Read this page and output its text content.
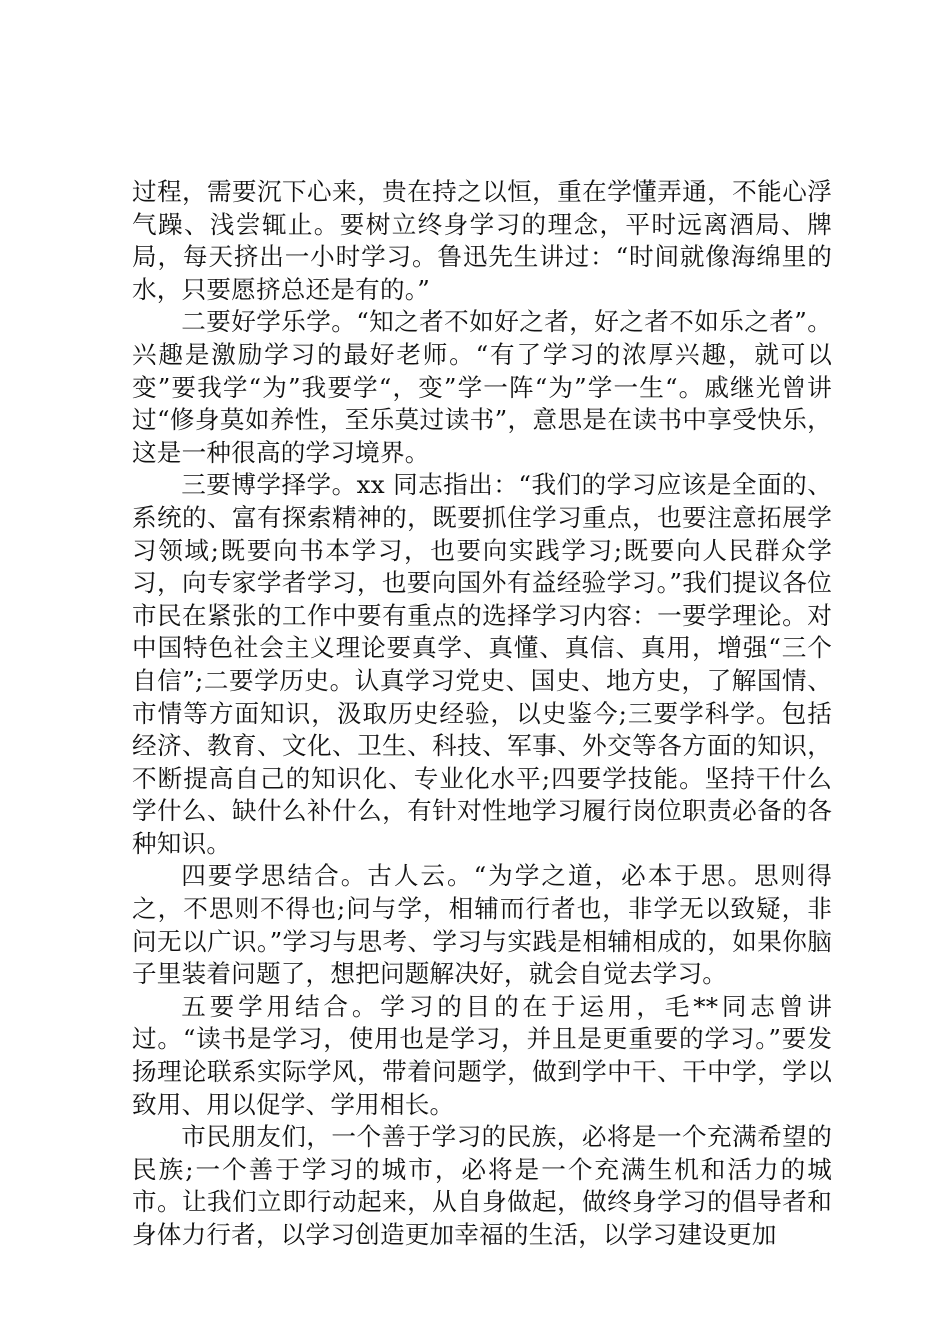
过程，需要沉下心来，贵在持之以恒，重在学懂弄通，不能心浮气躁、浅尝辄止。要树立终身学习的理念，平时远离酒局、牌局，每天挤出一小时学习。鲁迅先生讲过：“时间就像海绵里的水，只要愿挤总还是有的。”

二要好学乐学。“知之者不如好之者，好之者不如乐之者”。兴趣是激励学习的最好老师。“有了学习的浓厚兴趣，就可以变”要我学“为”我要学“，变”学一阵“为”学一生“。戚继光曾讲过“修身莫如养性，至乐莫过读书”，意思是在读书中享受快乐，这是一种很高的学习境界。

三要博学择学。xx 同志指出：“我们的学习应该是全面的、系统的、富有探索精神的，既要抓住学习重点，也要注意拓展学习领域;既要向书本学习，也要向实践学习;既要向人民群众学习，向专家学者学习，也要向国外有益经验学习。”我们提议各位市民在紧张的工作中要有重点的选择学习内容：一要学理论。对中国特色社会主义理论要真学、真懂、真信、真用，增强“三个自信”;二要学历史。认真学习党史、国史、地方史，了解国情、市情等方面知识，汲取历史经验，以史鉴今;三要学科学。包括经济、教育、文化、卫生、科技、军事、外交等各方面的知识，不断提高自己的知识化、专业化水平;四要学技能。坚持干什么学什么、缺什么补什么，有针对性地学习履行岗位职责必备的各种知识。

四要学思结合。古人云。“为学之道，必本于思。思则得之，不思则不得也;问与学，相辅而行者也，非学无以致疑，非问无以广识。”学习与思考、学习与实践是相辅相成的，如果你脑子里装着问题了，想把问题解决好，就会自觉去学习。

五要学用结合。学习的目的在于运用，毛**同志曾讲过。“读书是学习，使用也是学习，并且是更重要的学习。”要发扬理论联系实际学风，带着问题学，做到学中干、干中学，学以致用、用以促学、学用相长。

市民朋友们，一个善于学习的民族，必将是一个充满希望的民族;一个善于学习的城市，必将是一个充满生机和活力的城市。让我们立即行动起来，从自身做起，做终身学习的倡导者和身体力行者，以学习创造更加幸福的生活，以学习建设更加
